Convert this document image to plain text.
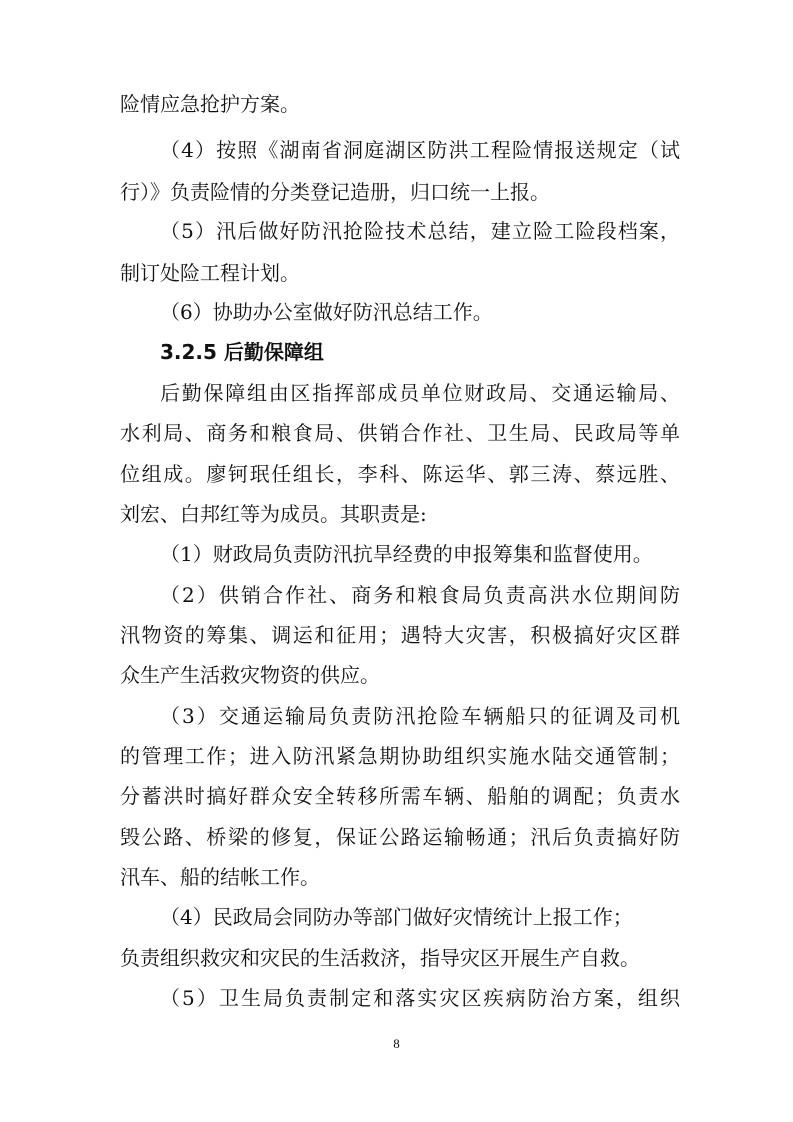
险情应急抢护方案。
（4）按照《湖南省洞庭湖区防洪工程险情报送规定（试
行）》负责险情的分类登记造册，归口统一上报。
（5）汛后做好防汛抢险技术总结，建立险工险段档案，
制订处险工程计划。
（6）协助办公室做好防汛总结工作。
3.2.5 后勤保障组
后勤保障组由区指挥部成员单位财政局、交通运输局、
水利局、商务和粮食局、供销合作社、卫生局、民政局等单
位组成。廖钶珉任组长，李科、陈运华、郭三涛、蔡远胜、
刘宏、白邦红等为成员。其职责是:
（1）财政局负责防汛抗旱经费的申报筹集和监督使用。
（2）供销合作社、商务和粮食局负责高洪水位期间防
汛物资的筹集、调运和征用；遇特大灾害，积极搞好灾区群
众生产生活救灾物资的供应。
（3）交通运输局负责防汛抢险车辆船只的征调及司机
的管理工作；进入防汛紧急期协助组织实施水陆交通管制；
分蓄洪时搞好群众安全转移所需车辆、船舶的调配；负责水
毁公路、桥梁的修复，保证公路运输畅通；汛后负责搞好防
汛车、船的结帐工作。
（4）民政局会同防办等部门做好灾情统计上报工作；
负责组织救灾和灾民的生活救济，指导灾区开展生产自救。
（5）卫生局负责制定和落实灾区疾病防治方案，组织
8
